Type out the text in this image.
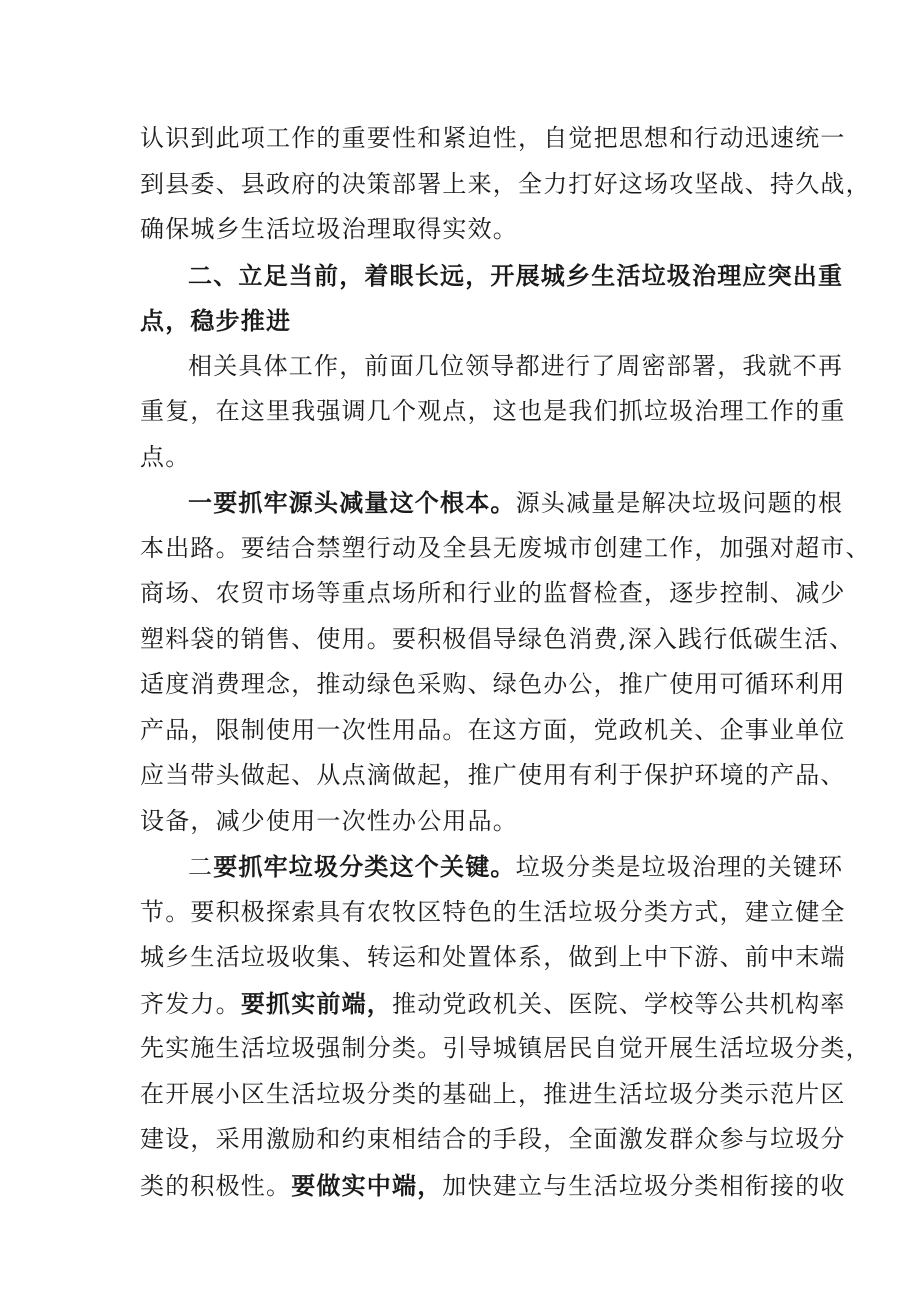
认识到此项工作的重要性和紧迫性，自觉把思想和行动迅速统一
到县委、县政府的决策部署上来，全力打好这场攻坚战、持久战，
确保城乡生活垃圾治理取得实效。
二、立足当前，着眼长远，开展城乡生活垃圾治理应突出重
点，稳步推进
相关具体工作，前面几位领导都进行了周密部署，我就不再
重复，在这里我强调几个观点，这也是我们抓垃圾治理工作的重
点。
一要抓牢源头减量这个根本。源头减量是解决垃圾问题的根
本出路。要结合禁塑行动及全县无废城市创建工作，加强对超市、
商场、农贸市场等重点场所和行业的监督检查，逐步控制、减少
塑料袋的销售、使用。要积极倡导绿色消费,深入践行低碳生活、
适度消费理念，推动绿色采购、绿色办公，推广使用可循环利用
产品，限制使用一次性用品。在这方面，党政机关、企事业单位
应当带头做起、从点滴做起，推广使用有利于保护环境的产品、
设备，减少使用一次性办公用品。
二要抓牢垃圾分类这个关键。垃圾分类是垃圾治理的关键环
节。要积极探索具有农牧区特色的生活垃圾分类方式，建立健全
城乡生活垃圾收集、转运和处置体系，做到上中下游、前中末端
齐发力。要抓实前端，推动党政机关、医院、学校等公共机构率
先实施生活垃圾强制分类。引导城镇居民自觉开展生活垃圾分类，
在开展小区生活垃圾分类的基础上，推进生活垃圾分类示范片区
建设，采用激励和约束相结合的手段，全面激发群众参与垃圾分
类的积极性。要做实中端，加快建立与生活垃圾分类相衔接的收
